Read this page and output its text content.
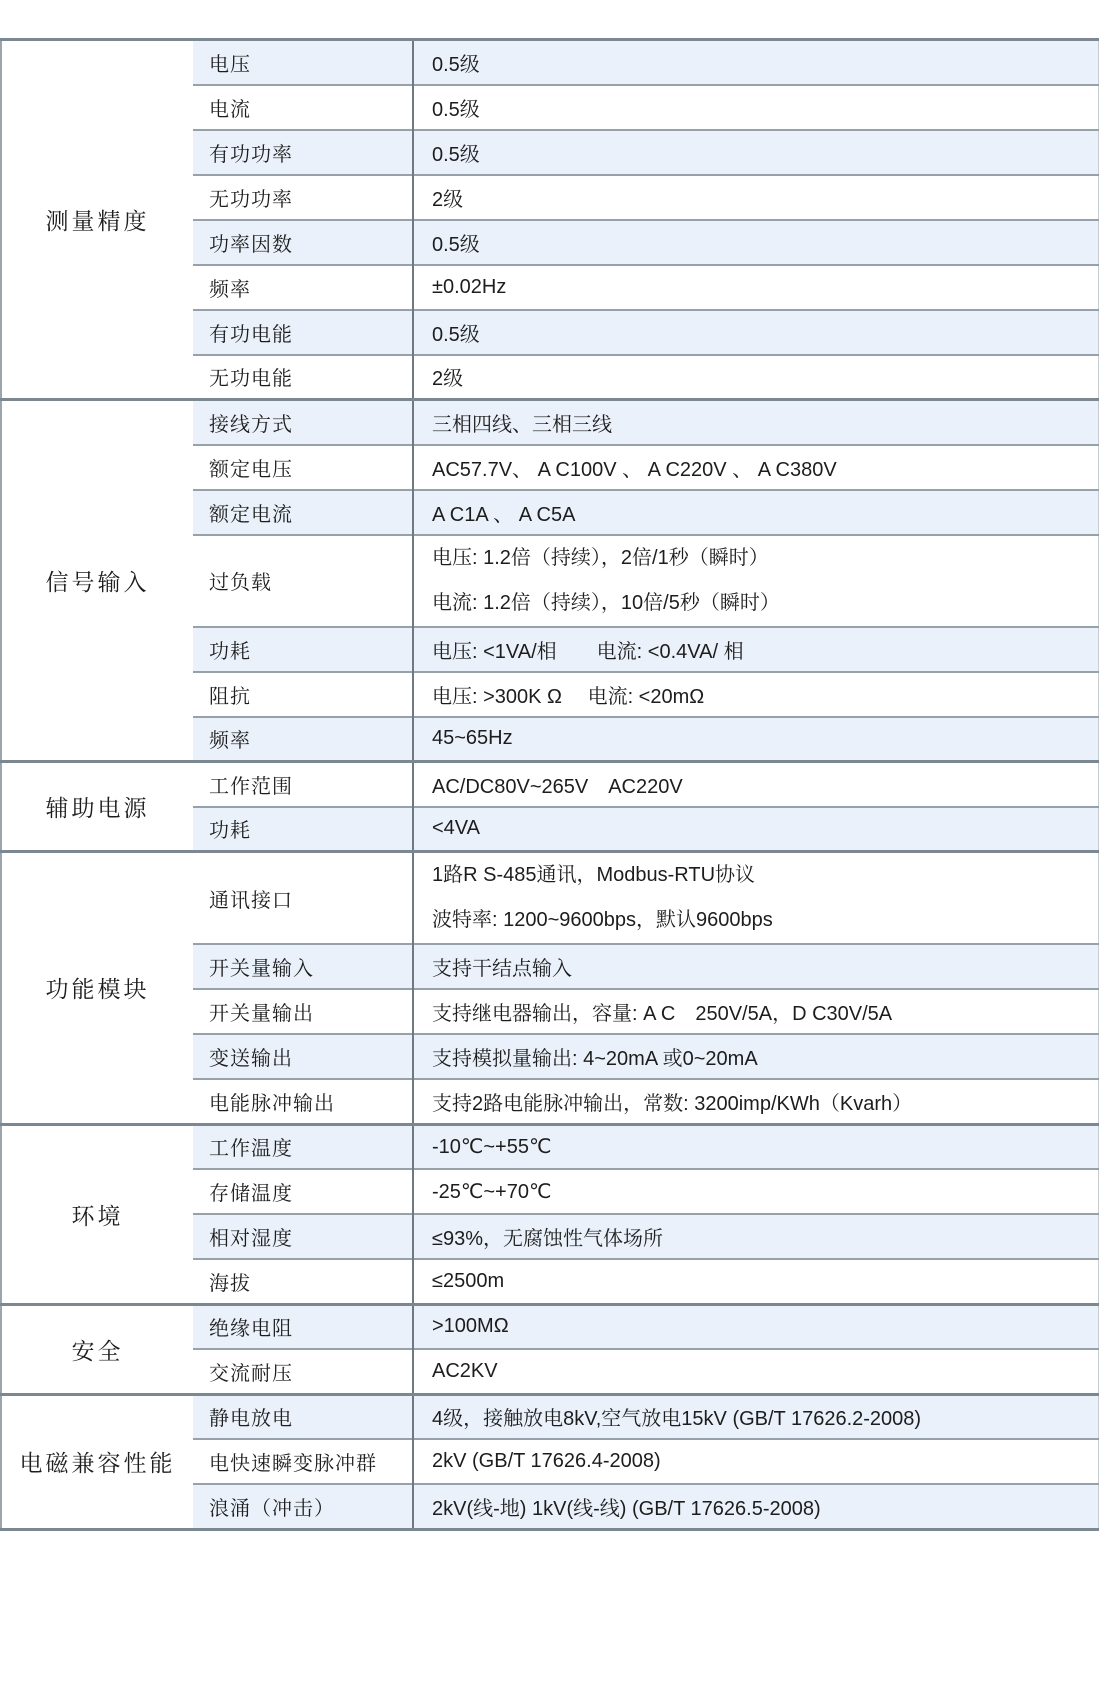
测量精度	电压	0.5级
	电流	0.5级
	有功功率	0.5级
	无功功率	2级
	功率因数	0.5级
	频率	±0.02Hz
	有功电能	0.5级
	无功电能	2级
信号输入	接线方式	三相四线、三相三线
	额定电压	AC57.7V、 A C100V 、 A C220V 、 A C380V
	额定电流	A C1A 、 A C5A
	过负载	电压: 1.2倍（持续），2倍/1秒（瞬时）
电流: 1.2倍（持续），10倍/5秒（瞬时）

	功耗	电压: <1VA/相　　电流: <0.4VA/ 相
	阻抗	电压: >300K Ω　 电流: <20mΩ
	频率	45~65Hz
辅助电源	工作范围	AC/DC80V~265V　AC220V
	功耗	<4VA
功能模块	通讯接口	1路R S-485通讯，Modbus-RTU协议
波特率: 1200~9600bps，默认9600bps

	开关量输入	支持干结点输入
	开关量输出	支持继电器输出，容量: A C　250V/5A，D C30V/5A
	变送输出	支持模拟量输出: 4~20mA 或0~20mA
	电能脉冲输出	支持2路电能脉冲输出，常数: 3200imp/KWh（Kvarh）
环境	工作温度	-10℃~+55℃
	存储温度	-25℃~+70℃
	相对湿度	≤93%，无腐蚀性气体场所
	海拔	≤2500m
安全	绝缘电阻	>100MΩ
	交流耐压	AC2KV
电磁兼容性能	静电放电	4级，接触放电8kV,空气放电15kV (GB/T 17626.2-2008)
	电快速瞬变脉冲群	2kV (GB/T 17626.4-2008)
	浪涌（冲击）	2kV(线-地) 1kV(线-线) (GB/T 17626.5-2008)
